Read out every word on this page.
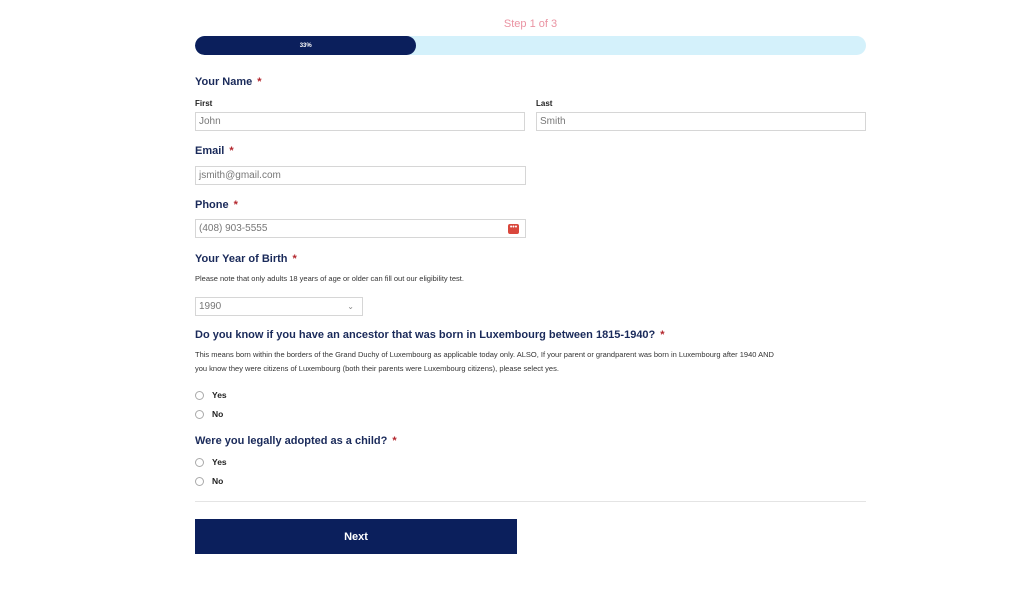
Step 1 of 3
33%
Your Name *
First	Last
John	Smith
Email *
jsmith@gmail.com
Phone *
(408) 903-5555	•••
Your Year of Birth *
Please note that only adults 18 years of age or older can fill out our eligibility test.
1990	⌄
Do you know if you have an ancestor that was born in Luxembourg between 1815-1940? *
This means born within the borders of the Grand Duchy of Luxembourg as applicable today only. ALSO, If your parent or grandparent was born in Luxembourg after 1940 AND
you know they were citizens of Luxembourg (both their parents were Luxembourg citizens), please select yes.
Yes
No
Were you legally adopted as a child? *
Yes
No
Next
